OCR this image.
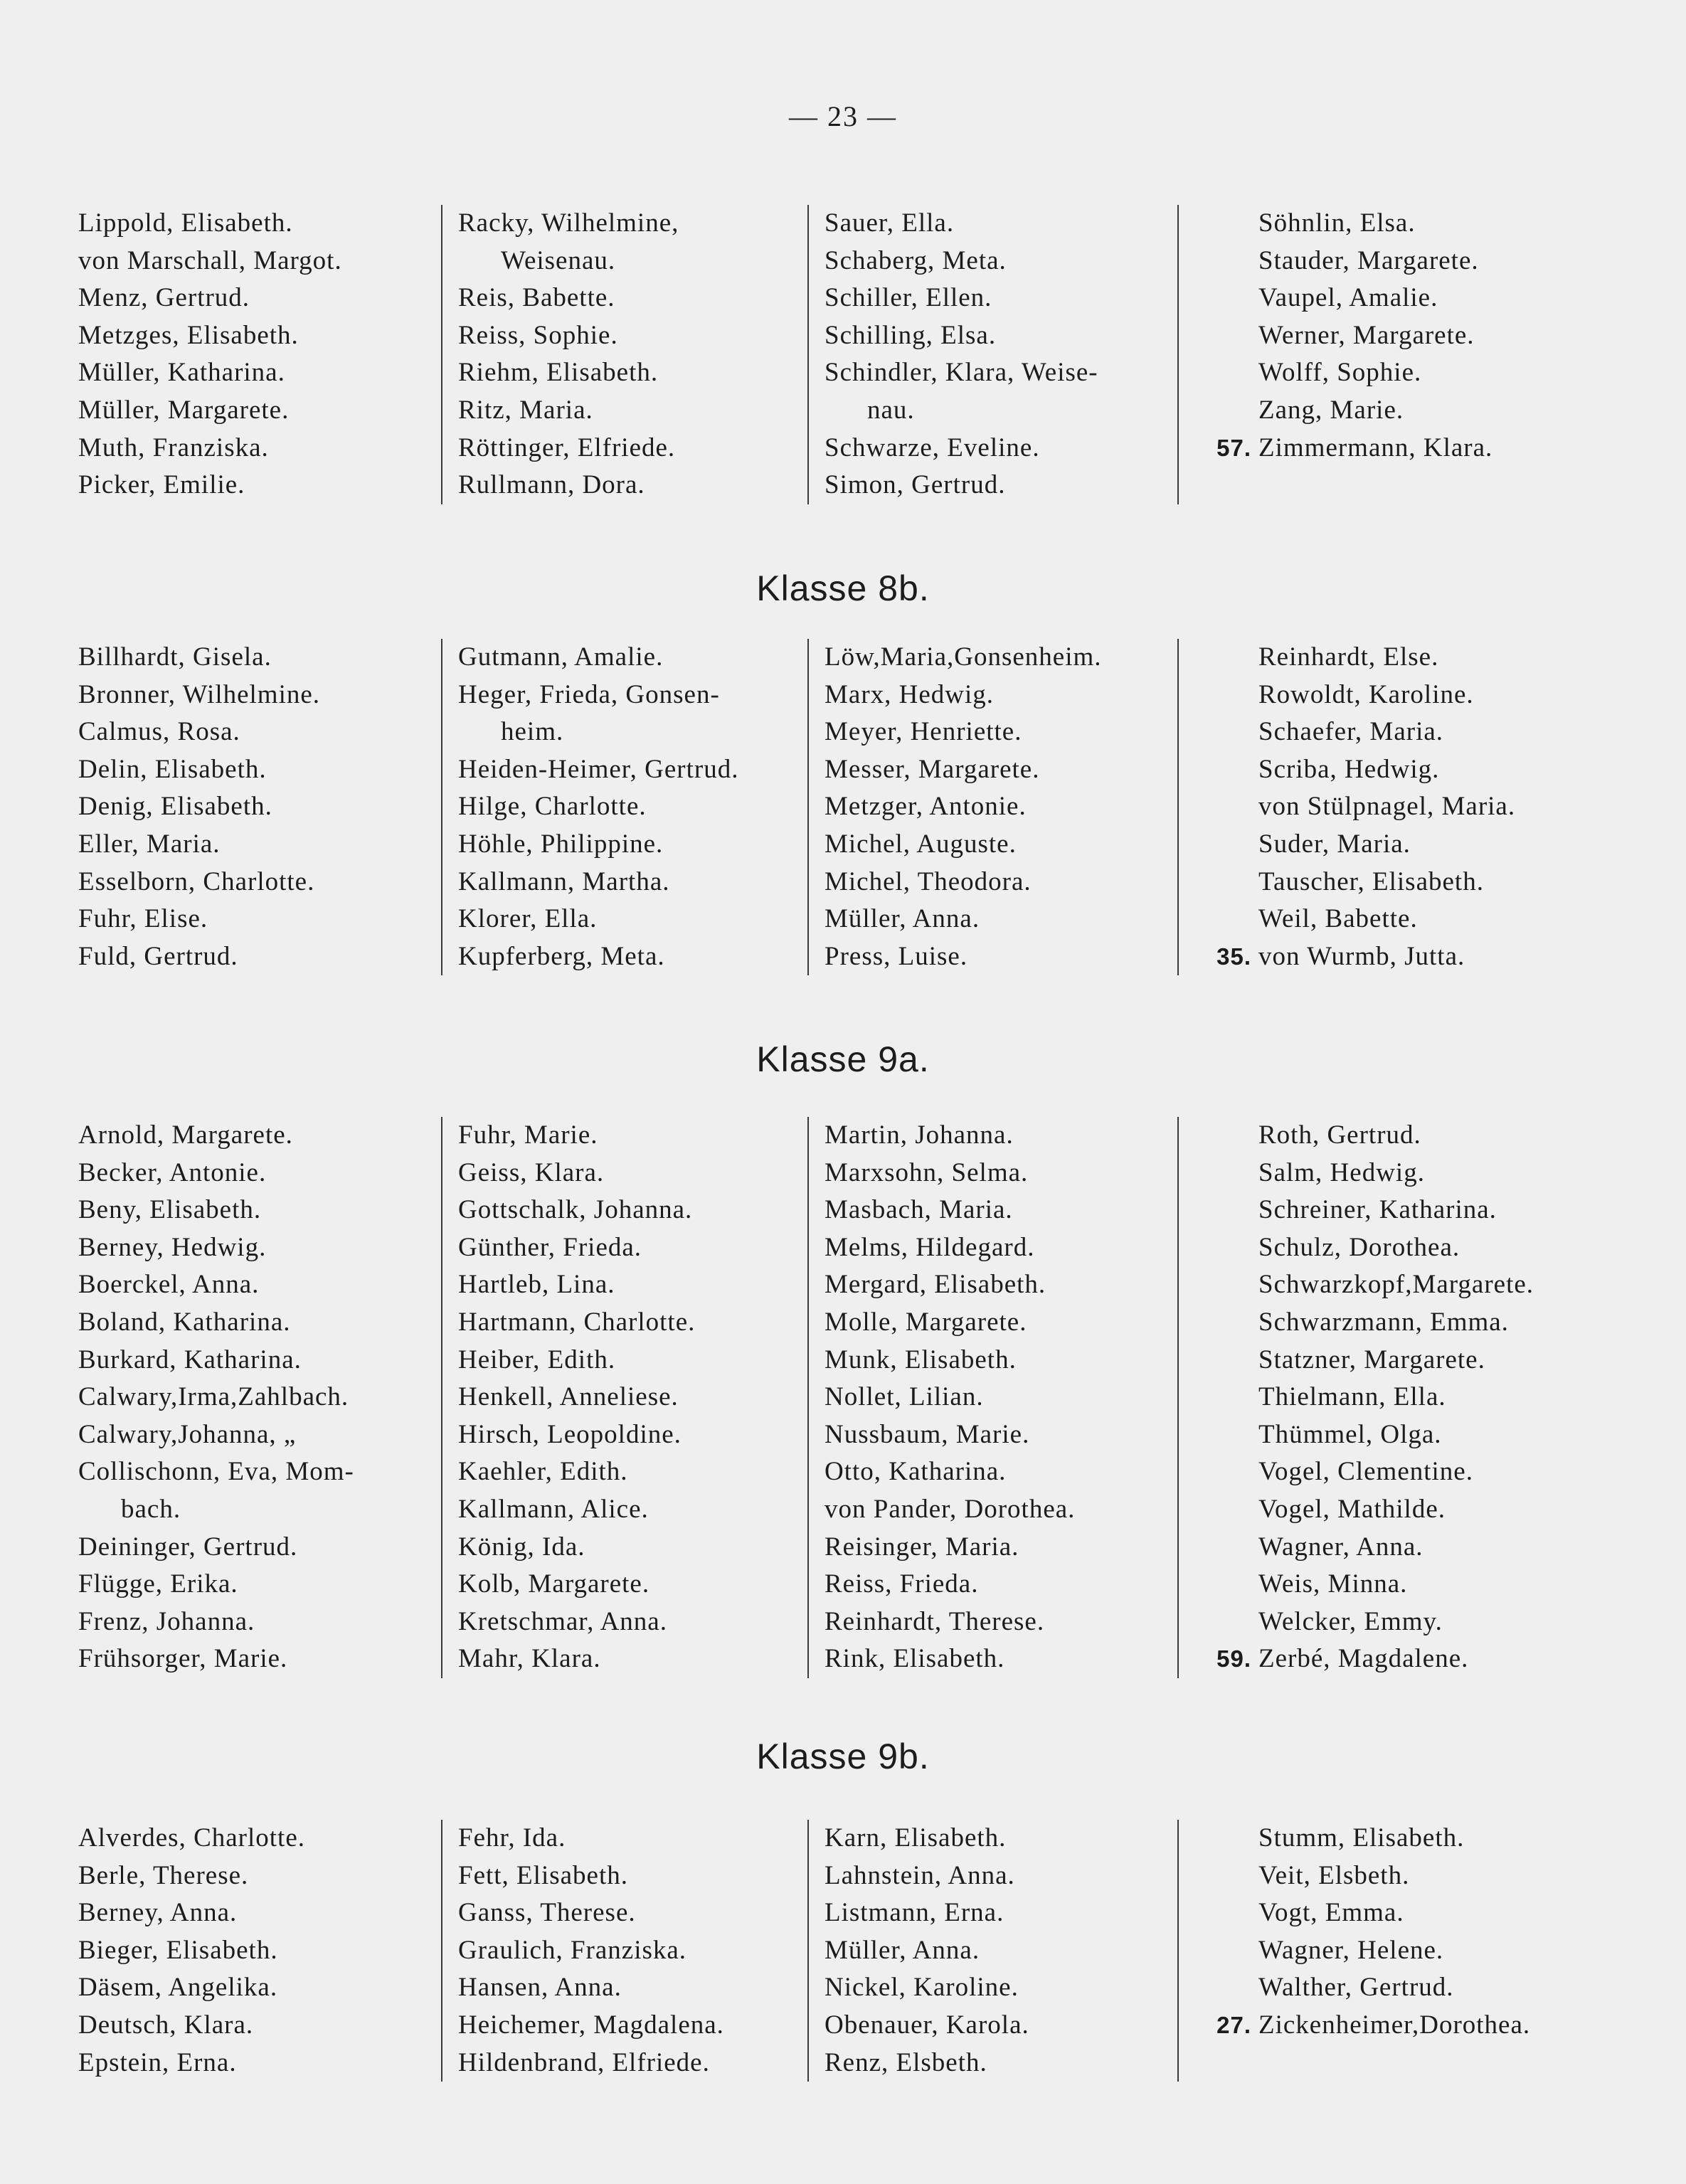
— 23 —
Lippold, Elisabeth.
von Marschall, Margot.
Menz, Gertrud.
Metzges, Elisabeth.
Müller, Katharina.
Müller, Margarete.
Muth, Franziska.
Picker, Emilie.
Racky, Wilhelmine,
Weisenau.
Reis, Babette.
Reiss, Sophie.
Riehm, Elisabeth.
Ritz, Maria.
Röttinger, Elfriede.
Rullmann, Dora.
Sauer, Ella.
Schaberg, Meta.
Schiller, Ellen.
Schilling, Elsa.
Schindler, Klara, Weise-
nau.
Schwarze, Eveline.
Simon, Gertrud.
Söhnlin, Elsa.
Stauder, Margarete.
Vaupel, Amalie.
Werner, Margarete.
Wolff, Sophie.
Zang, Marie.
57. Zimmermann, Klara.
Klasse 8b.
Billhardt, Gisela.
Bronner, Wilhelmine.
Calmus, Rosa.
Delin, Elisabeth.
Denig, Elisabeth.
Eller, Maria.
Esselborn, Charlotte.
Fuhr, Elise.
Fuld, Gertrud.
Gutmann, Amalie.
Heger, Frieda, Gonsen-
heim.
Heiden-Heimer, Gertrud.
Hilge, Charlotte.
Höhle, Philippine.
Kallmann, Martha.
Klorer, Ella.
Kupferberg, Meta.
Löw,Maria,Gonsenheim.
Marx, Hedwig.
Meyer, Henriette.
Messer, Margarete.
Metzger, Antonie.
Michel, Auguste.
Michel, Theodora.
Müller, Anna.
Press, Luise.
Reinhardt, Else.
Rowoldt, Karoline.
Schaefer, Maria.
Scriba, Hedwig.
von Stülpnagel, Maria.
Suder, Maria.
Tauscher, Elisabeth.
Weil, Babette.
35. von Wurmb, Jutta.
Klasse 9a.
Arnold, Margarete.
Becker, Antonie.
Beny, Elisabeth.
Berney, Hedwig.
Boerckel, Anna.
Boland, Katharina.
Burkard, Katharina.
Calwary,Irma,Zahlbach.
Calwary,Johanna, „
Collischonn, Eva, Mom-
bach.
Deininger, Gertrud.
Flügge, Erika.
Frenz, Johanna.
Frühsorger, Marie.
Fuhr, Marie.
Geiss, Klara.
Gottschalk, Johanna.
Günther, Frieda.
Hartleb, Lina.
Hartmann, Charlotte.
Heiber, Edith.
Henkell, Anneliese.
Hirsch, Leopoldine.
Kaehler, Edith.
Kallmann, Alice.
König, Ida.
Kolb, Margarete.
Kretschmar, Anna.
Mahr, Klara.
Martin, Johanna.
Marxsohn, Selma.
Masbach, Maria.
Melms, Hildegard.
Mergard, Elisabeth.
Molle, Margarete.
Munk, Elisabeth.
Nollet, Lilian.
Nussbaum, Marie.
Otto, Katharina.
von Pander, Dorothea.
Reisinger, Maria.
Reiss, Frieda.
Reinhardt, Therese.
Rink, Elisabeth.
Roth, Gertrud.
Salm, Hedwig.
Schreiner, Katharina.
Schulz, Dorothea.
Schwarzkopf,Margarete.
Schwarzmann, Emma.
Statzner, Margarete.
Thielmann, Ella.
Thümmel, Olga.
Vogel, Clementine.
Vogel, Mathilde.
Wagner, Anna.
Weis, Minna.
Welcker, Emmy.
59. Zerbé, Magdalene.
Klasse 9b.
Alverdes, Charlotte.
Berle, Therese.
Berney, Anna.
Bieger, Elisabeth.
Däsem, Angelika.
Deutsch, Klara.
Epstein, Erna.
Fehr, Ida.
Fett, Elisabeth.
Ganss, Therese.
Graulich, Franziska.
Hansen, Anna.
Heichemer, Magdalena.
Hildenbrand, Elfriede.
Karn, Elisabeth.
Lahnstein, Anna.
Listmann, Erna.
Müller, Anna.
Nickel, Karoline.
Obenauer, Karola.
Renz, Elsbeth.
Stumm, Elisabeth.
Veit, Elsbeth.
Vogt, Emma.
Wagner, Helene.
Walther, Gertrud.
27. Zickenheimer,Dorothea.
